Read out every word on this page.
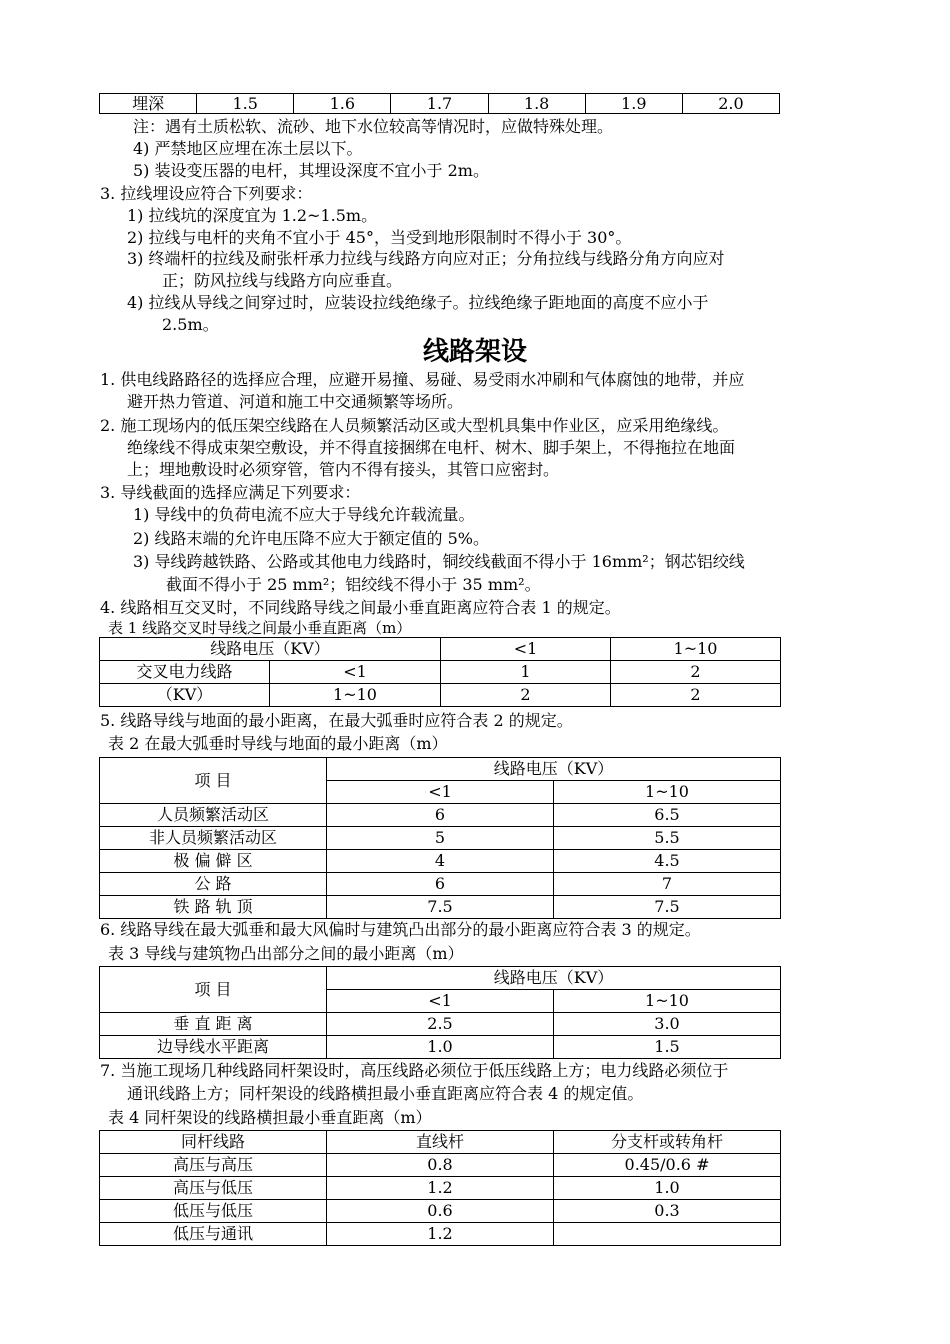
埋深	1.5	1.6	1.7	1.8	1.9	2.0
注：遇有土质松软、流砂、地下水位较高等情况时，应做特殊处理。
4) 严禁地区应埋在冻土层以下。
5) 装设变压器的电杆，其埋设深度不宜小于 2m。
3. 拉线埋设应符合下列要求：
1) 拉线坑的深度宜为 1.2~1.5m。
2) 拉线与电杆的夹角不宜小于 45°，当受到地形限制时不得小于 30°。
3) 终端杆的拉线及耐张杆承力拉线与线路方向应对正；分角拉线与线路分角方向应对
正；防风拉线与线路方向应垂直。
4) 拉线从导线之间穿过时，应装设拉线绝缘子。拉线绝缘子距地面的高度不应小于
2.5m。
线路架设
1. 供电线路路径的选择应合理，应避开易撞、易碰、易受雨水冲刷和气体腐蚀的地带，并应
避开热力管道、河道和施工中交通频繁等场所。
2. 施工现场内的低压架空线路在人员频繁活动区或大型机具集中作业区，应采用绝缘线。
绝缘线不得成束架空敷设，并不得直接捆绑在电杆、树木、脚手架上，不得拖拉在地面
上；埋地敷设时必须穿管，管内不得有接头，其管口应密封。
3. 导线截面的选择应满足下列要求：
1) 导线中的负荷电流不应大于导线允许载流量。
2) 线路末端的允许电压降不应大于额定值的 5%。
3) 导线跨越铁路、公路或其他电力线路时，铜绞线截面不得小于 16mm²；钢芯铝绞线
截面不得小于 25 mm²；铝绞线不得小于 35 mm²。
4. 线路相互交叉时，不同线路导线之间最小垂直距离应符合表 1 的规定。
表 1 线路交叉时导线之间最小垂直距离（m）
线路电压（KV）		<1	1~10
交叉电力线路	<1	1	2
（KV）	1~10	2	2
5. 线路导线与地面的最小距离，在最大弧垂时应符合表 2 的规定。
表 2 在最大弧垂时导线与地面的最小距离（m）
项 目	线路电压（KV）	
	<1	1~10
人员频繁活动区	6	6.5
非人员频繁活动区	5	5.5
极 偏 僻 区	4	4.5
公 路	6	7
铁 路 轨 顶	7.5	7.5
6. 线路导线在最大弧垂和最大风偏时与建筑凸出部分的最小距离应符合表 3 的规定。
表 3 导线与建筑物凸出部分之间的最小距离（m）
项 目	线路电压（KV）	
	<1	1~10
垂 直 距 离	2.5	3.0
边导线水平距离	1.0	1.5
7. 当施工现场几种线路同杆架设时，高压线路必须位于低压线路上方；电力线路必须位于
通讯线路上方；同杆架设的线路横担最小垂直距离应符合表 4 的规定值。
表 4 同杆架设的线路横担最小垂直距离（m）
同杆线路	直线杆	分支杆或转角杆
高压与高压	0.8	0.45/0.6 #
高压与低压	1.2	1.0
低压与低压	0.6	0.3
低压与通讯	1.2	
